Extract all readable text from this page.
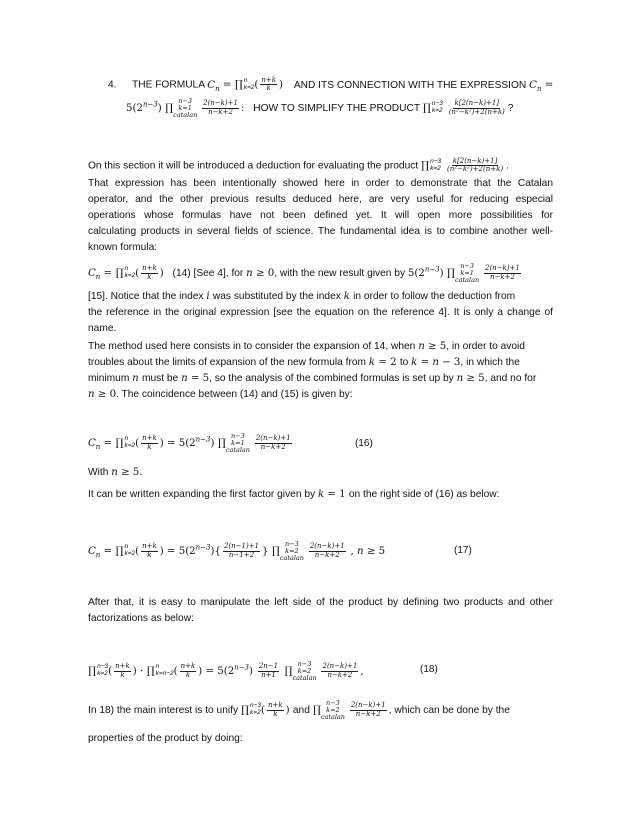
4. THE FORMULA $C_n$ = ∏ n
k=2 ( $\frac{n+k}{k}$ ) AND ITS CONNECTION WITH THE EXPRESSION $C_n$ =
$5(2^{n-3})$ ∏
n−3
k=1
catalan
$\frac{2(n-k)+1}{n-k+2}$ : HOW TO SIMPLIFY THE PRODUCT ∏ n−3
k=2
$\frac{k[2(n-k)+1]}{\text{(n²−k²)+2(n+k)}}$ ?
On this section it will be introduced a deduction for evaluating the product ∏ n−3
k=2
$\frac{k[2(n-k)+1]}{\text{(n²−k²)+2(n+k)}}$ .
That expression has been intentionally showed here in order to demonstrate that the Catalan
operator, and the other previous results deduced here, are very useful for reducing especial
operations whose formulas have not been defined yet. It will open more possibilities for
calculating products in several fields of science. The fundamental idea is to combine another well-
known formula:
$C_n$ = ∏ n
k=2 ( $\frac{n+k}{k}$ ) (14) [See 4], for n ≥ 0, with the new result given by $5(2^{n-3})$ ∏
n−3
k=1
catalan
$\frac{2(n-k)+1}{n-k+2}$
[15]. Notice that the index i was substituted by the index k in order to follow the deduction from
the reference in the original expression [see the equation on the reference 4]. It is only a change of
name.
The method used here consists in to consider the expansion of 14, when n ≥ 5, in order to avoid
troubles about the limits of expansion of the new formula from k = 2 to k = n − 3, in which the
minimum n must be n = 5, so the analysis of the combined formulas is set up by n ≥ 5, and no for
n ≥ 0. The coincidence between (14) and (15) is given by:
$C_n$ = ∏ n
k=2 ( $\frac{n+k}{k}$ ) = $5(2^{n-3})$ ∏
n−3
k=1
catalan
$\frac{2(n-k)+1}{n-k+2}$	(16)
With n ≥ 5.
It can be written expanding the first factor given by k = 1 on the right side of (16) as below:
$C_n$ = ∏ n
k=2 ( $\frac{n+k}{k}$ ) = $5(2^{n-3})\{ \frac{2(n-1)+1}{n-1+2}$ } ∏
n−3
k=2
catalan
$\frac{2(n-k)+1}{n-k+2}$ , n ≥ 5	(17)
After that, it is easy to manipulate the left side of the product by defining two products and other
factorizations as below:
∏ n−3
k=2 ( $\frac{n+k}{k}$ ) · ∏ n
k=n−2 ( $\frac{n+k}{k}$ ) = $5(2^{n-3}) \frac{2n-1}{n+1}$ ∏
n−3
k=2
catalan
$\frac{2(n-k)+1}{n-k+2}$ ,	(18)
In 18) the main interest is to unify ∏ n−3
k=2 ( $\frac{n+k}{k}$ ) and ∏
n−3
k=2
catalan
$\frac{2(n-k)+1}{n-k+2}$ , which can be done by the
properties of the product by doing:
